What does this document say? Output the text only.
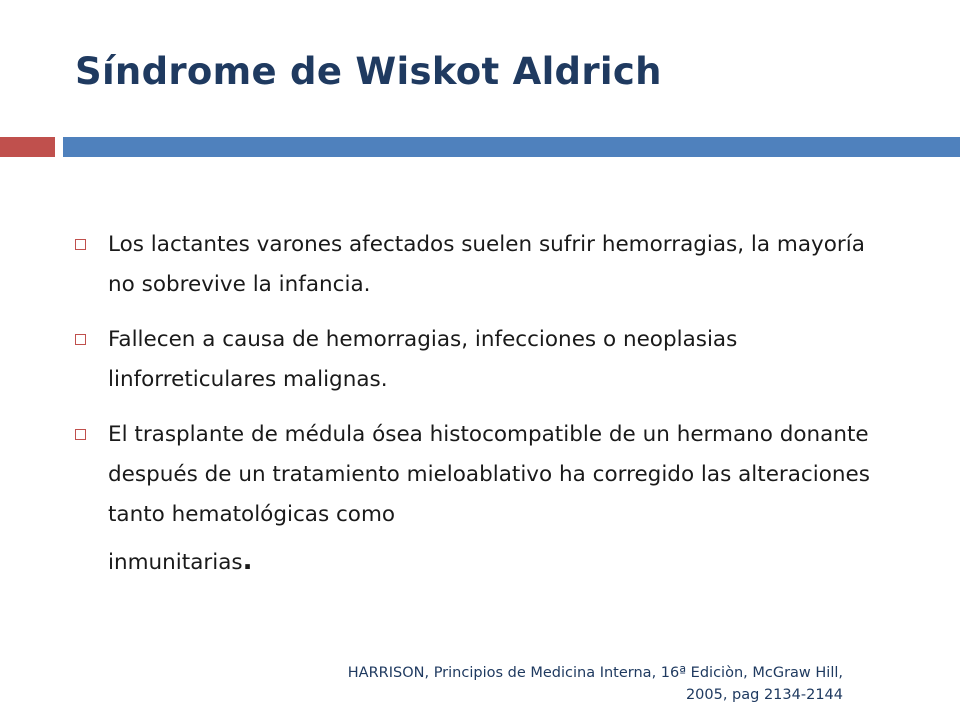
Síndrome de Wiskot Aldrich
Los lactantes varones afectados suelen sufrir hemorragias, la mayoría no sobrevive la infancia.
Fallecen a causa de hemorragias, infecciones o neoplasias linforreticulares malignas.
El trasplante de médula ósea histocompatible de un hermano donante después de un tratamiento mieloablativo ha corregido las alteraciones tanto hematológicas como
inmunitarias.
HARRISON, Principios de Medicina Interna, 16ª Ediciòn, McGraw Hill,
2005, pag 2134-2144
